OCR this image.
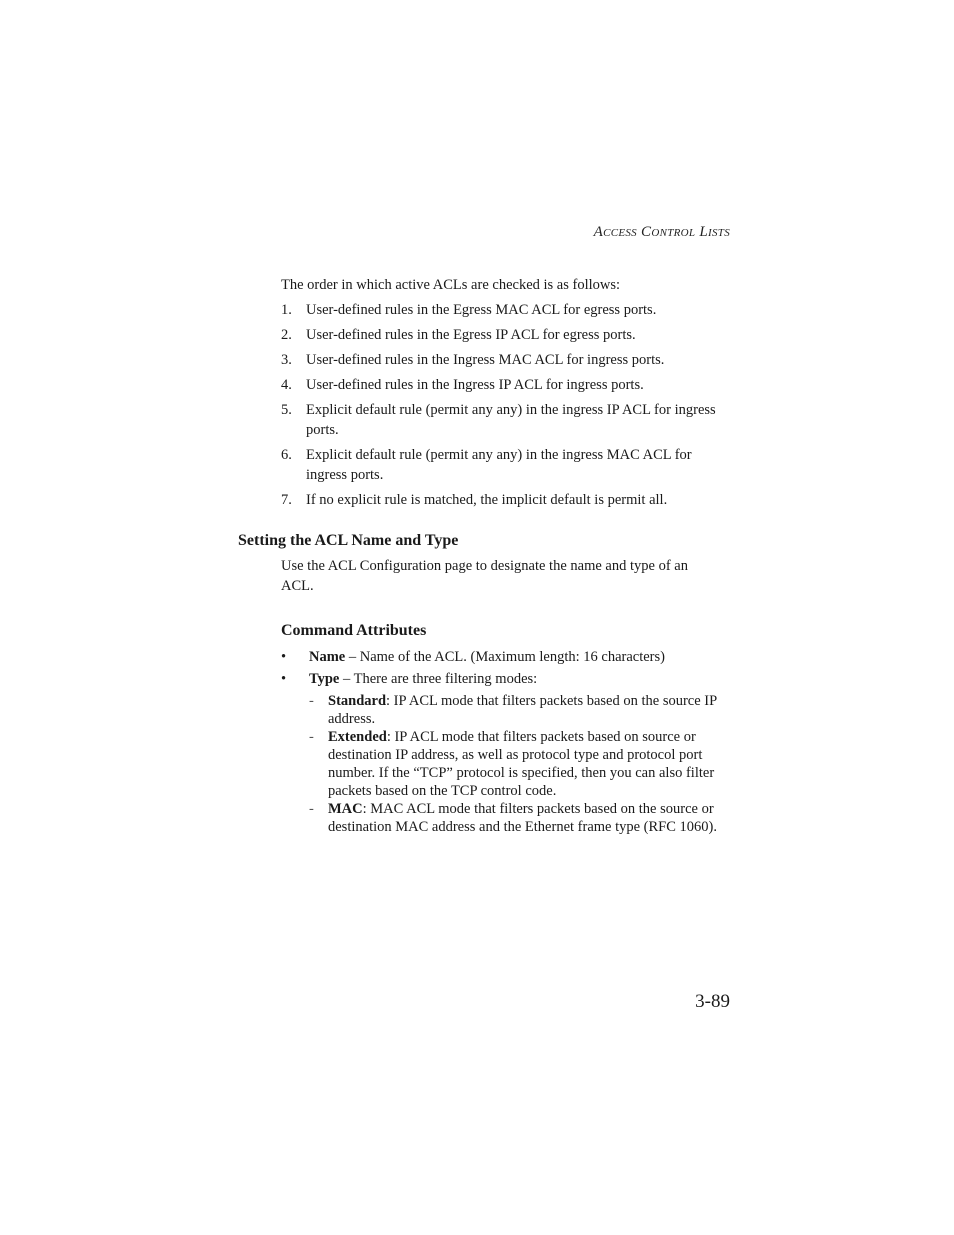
Access Control Lists
The order in which active ACLs are checked is as follows:
1. User-defined rules in the Egress MAC ACL for egress ports.
2. User-defined rules in the Egress IP ACL for egress ports.
3. User-defined rules in the Ingress MAC ACL for ingress ports.
4. User-defined rules in the Ingress IP ACL for ingress ports.
5. Explicit default rule (permit any any) in the ingress IP ACL for ingress ports.
6. Explicit default rule (permit any any) in the ingress MAC ACL for ingress ports.
7. If no explicit rule is matched, the implicit default is permit all.
Setting the ACL Name and Type
Use the ACL Configuration page to designate the name and type of an ACL.
Command Attributes
• Name – Name of the ACL. (Maximum length: 16 characters)
• Type – There are three filtering modes:
- Standard: IP ACL mode that filters packets based on the source IP address.
- Extended: IP ACL mode that filters packets based on source or destination IP address, as well as protocol type and protocol port number. If the “TCP” protocol is specified, then you can also filter packets based on the TCP control code.
- MAC: MAC ACL mode that filters packets based on the source or destination MAC address and the Ethernet frame type (RFC 1060).
3-89
